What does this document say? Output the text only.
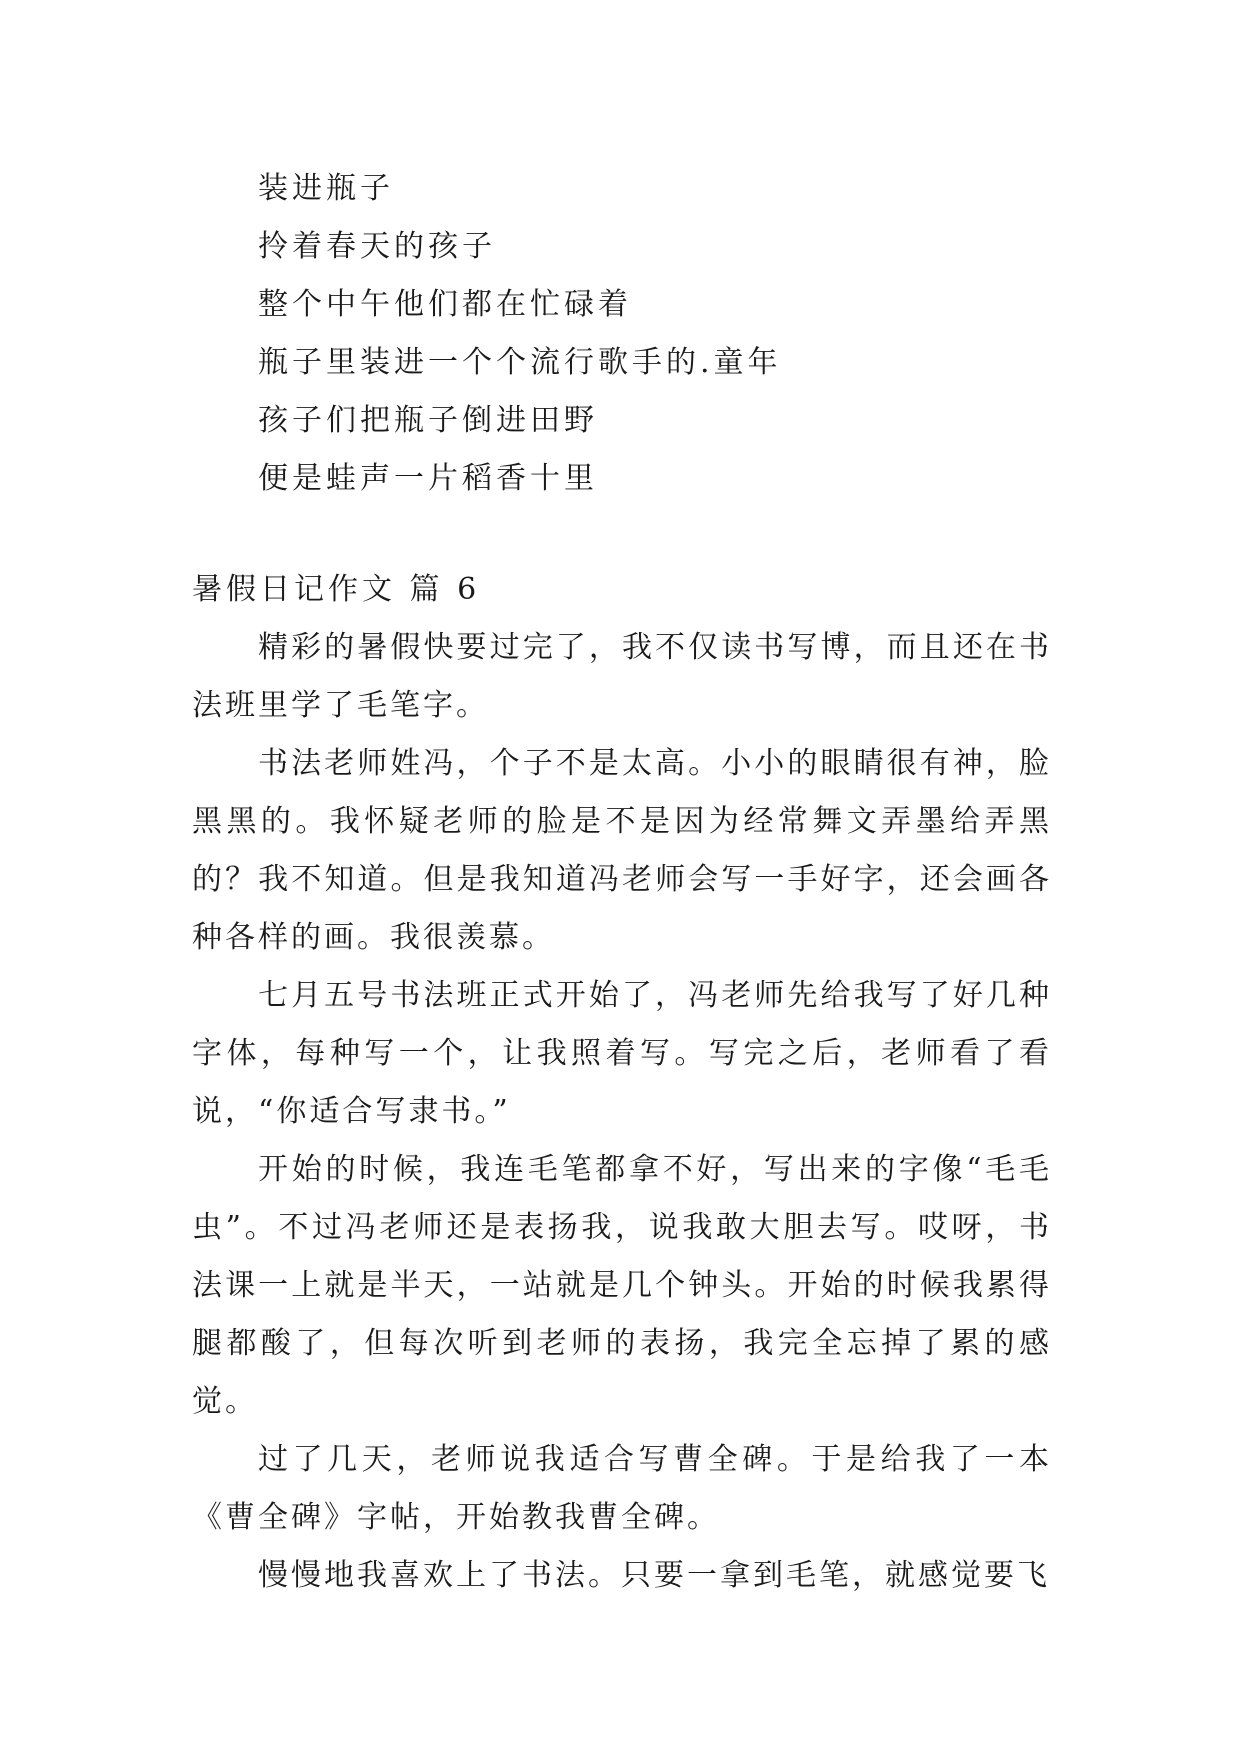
装进瓶子
拎着春天的孩子
整个中午他们都在忙碌着
瓶子里装进一个个流行歌手的.童年
孩子们把瓶子倒进田野
便是蛙声一片稻香十里
暑假日记作文 篇 6

精彩的暑假快要过完了，我不仅读书写博，而且还在书法班里学了毛笔字。

书法老师姓冯，个子不是太高。小小的眼睛很有神，脸黑黑的。我怀疑老师的脸是不是因为经常舞文弄墨给弄黑的？我不知道。但是我知道冯老师会写一手好字，还会画各种各样的画。我很羡慕。

七月五号书法班正式开始了，冯老师先给我写了好几种字体，每种写一个，让我照着写。写完之后，老师看了看说，“你适合写隶书。”

开始的时候，我连毛笔都拿不好，写出来的字像“毛毛虫”。不过冯老师还是表扬我，说我敢大胆去写。哎呀，书法课一上就是半天，一站就是几个钟头。开始的时候我累得腿都酸了，但每次听到老师的表扬，我完全忘掉了累的感觉。

过了几天，老师说我适合写曹全碑。于是给我了一本《曹全碑》字帖，开始教我曹全碑。

慢慢地我喜欢上了书法。只要一拿到毛笔，就感觉要飞
